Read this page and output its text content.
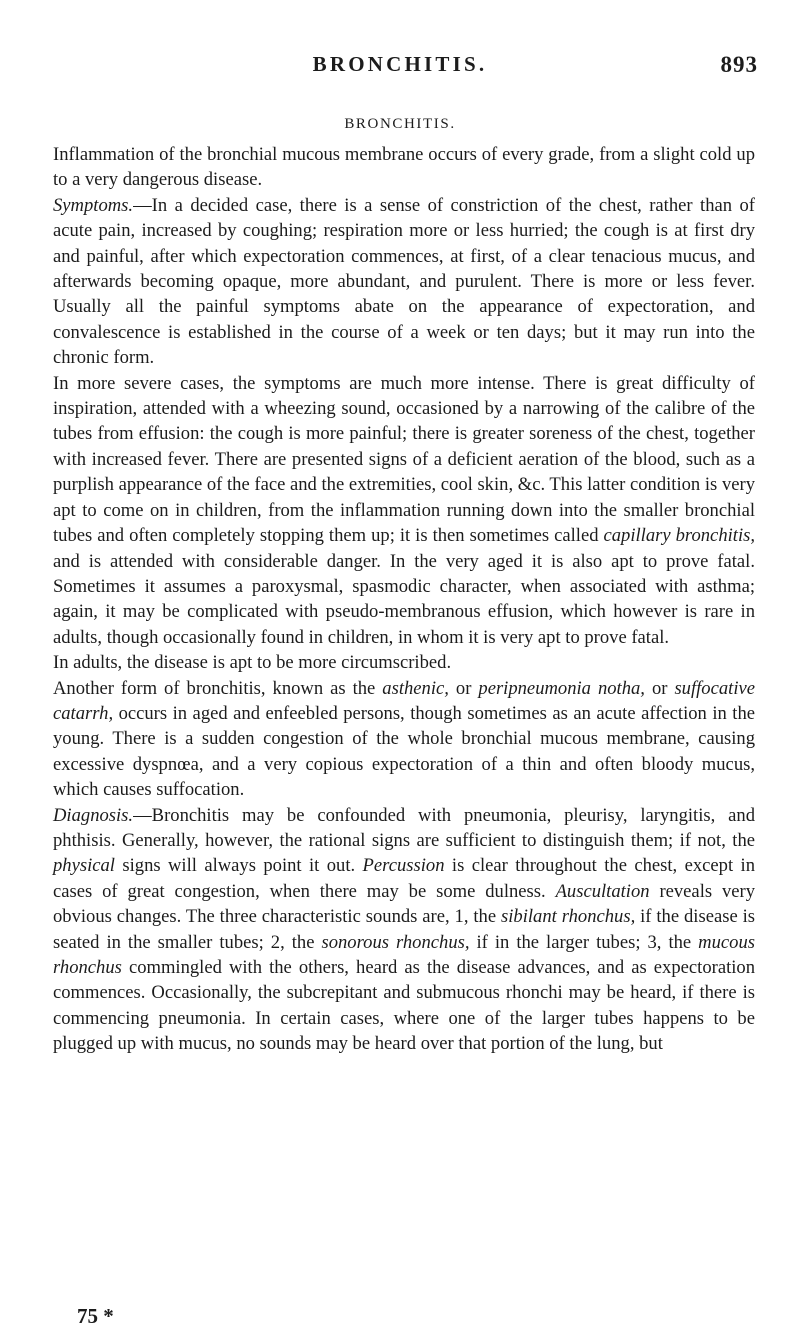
BRONCHITIS.	893
BRONCHITIS.

Inflammation of the bronchial mucous membrane occurs of every grade, from a slight cold up to a very dangerous disease.

Symptoms.—In a decided case, there is a sense of constriction of the chest, rather than of acute pain, increased by coughing; respiration more or less hurried; the cough is at first dry and painful, after which expectoration commences, at first, of a clear tenacious mucus, and afterwards becoming opaque, more abundant, and purulent. There is more or less fever. Usually all the painful symptoms abate on the appearance of expectoration, and convalescence is established in the course of a week or ten days; but it may run into the chronic form.

In more severe cases, the symptoms are much more intense. There is great difficulty of inspiration, attended with a wheezing sound, occasioned by a narrowing of the calibre of the tubes from effusion: the cough is more painful; there is greater soreness of the chest, together with increased fever. There are presented signs of a deficient aeration of the blood, such as a purplish appearance of the face and the extremities, cool skin, &c. This latter condition is very apt to come on in children, from the inflammation running down into the smaller bronchial tubes and often completely stopping them up; it is then sometimes called capillary bronchitis, and is attended with considerable danger. In the very aged it is also apt to prove fatal. Sometimes it assumes a paroxysmal, spasmodic character, when associated with asthma; again, it may be complicated with pseudo-membranous effusion, which however is rare in adults, though occasionally found in children, in whom it is very apt to prove fatal.

In adults, the disease is apt to be more circumscribed.

Another form of bronchitis, known as the asthenic, or peripneumonia notha, or suffocative catarrh, occurs in aged and enfeebled persons, though sometimes as an acute affection in the young. There is a sudden congestion of the whole bronchial mucous membrane, causing excessive dyspnœa, and a very copious expectoration of a thin and often bloody mucus, which causes suffocation.

Diagnosis.—Bronchitis may be confounded with pneumonia, pleurisy, laryngitis, and phthisis. Generally, however, the rational signs are sufficient to distinguish them; if not, the physical signs will always point it out. Percussion is clear throughout the chest, except in cases of great congestion, when there may be some dulness. Auscultation reveals very obvious changes. The three characteristic sounds are, 1, the sibilant rhonchus, if the disease is seated in the smaller tubes; 2, the sonorous rhonchus, if in the larger tubes; 3, the mucous rhonchus commingled with the others, heard as the disease advances, and as expectoration commences. Occasionally, the subcrepitant and submucous rhonchi may be heard, if there is commencing pneumonia. In certain cases, where one of the larger tubes happens to be plugged up with mucus, no sounds may be heard over that portion of the lung, but

75 *
